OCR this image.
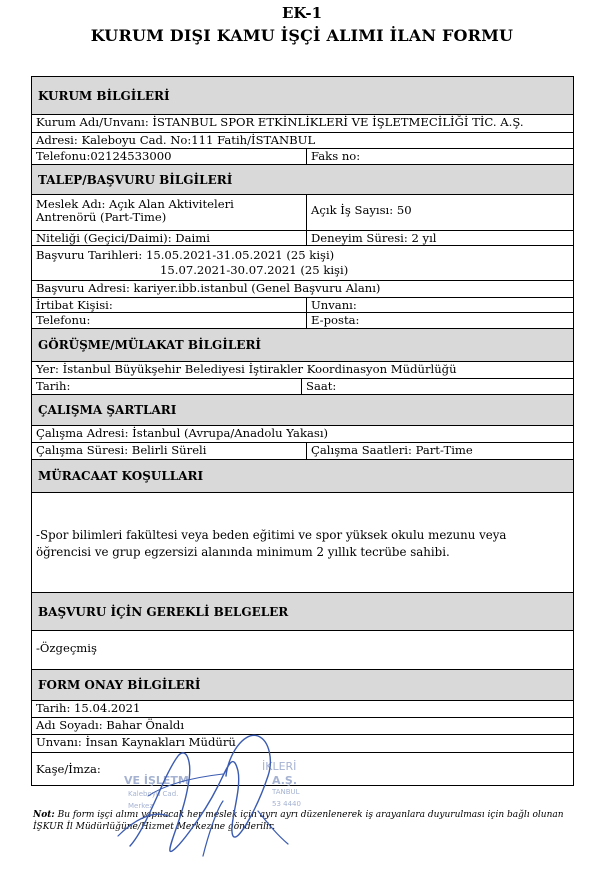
EK-1
KURUM DIŞI KAMU İŞÇİ ALIMI İLAN FORMU
KURUM BİLGİLERİ
Kurum Adı/Unvanı: İSTANBUL SPOR ETKİNLİKLERİ VE İŞLETMECİLİĞİ TİC. A.Ş.
Adresi: Kaleboyu Cad. No:111 Fatih/İSTANBUL
Telefonu:02124533000	Faks no:
TALEP/BAŞVURU BİLGİLERİ
Meslek Adı: Açık Alan Aktiviteleri
Antrenörü (Part-Time)	Açık İş Sayısı: 50
Niteliği (Geçici/Daimi): Daimi	Deneyim Süresi: 2 yıl
Başvuru Tarihleri: 15.05.2021-31.05.2021 (25 kişi)
15.07.2021-30.07.2021 (25 kişi)
Başvuru Adresi: kariyer.ibb.istanbul (Genel Başvuru Alanı)
İrtibat Kişisi:	Unvanı:
Telefonu:	E-posta:
GÖRÜŞME/MÜLAKAT BİLGİLERİ
Yer: İstanbul Büyükşehir Belediyesi İştirakler Koordinasyon Müdürlüğü
Tarih:	Saat:
ÇALIŞMA ŞARTLARI
Çalışma Adresi: İstanbul (Avrupa/Anadolu Yakası)
Çalışma Süresi: Belirli Süreli	Çalışma Saatleri: Part-Time
MÜRACAAT KOŞULLARI
-Spor bilimleri fakültesi veya beden eğitimi ve spor yüksek okulu mezunu veya
öğrencisi ve grup egzersizi alanında minimum 2 yıllık tecrübe sahibi.
BAŞVURU İÇİN GEREKLİ BELGELER
-Özgeçmiş
FORM ONAY BİLGİLERİ
Tarih: 15.04.2021
Adı Soyadı: Bahar Önaldı
Unvanı: İnsan Kaynakları Müdürü
Kaşe/İmza:
Not: Bu form işçi alımı yapılacak her meslek için ayrı ayrı düzenlenerek iş arayanlara duyurulması için bağlı olunan İŞKUR İl Müdürlüğüne/Hizmet Merkezine gönderilir.
İKLERİ
VE İŞLETM	A.Ş.
Kaleboyu Cad.	TANBUL
Merkez	53 4440
